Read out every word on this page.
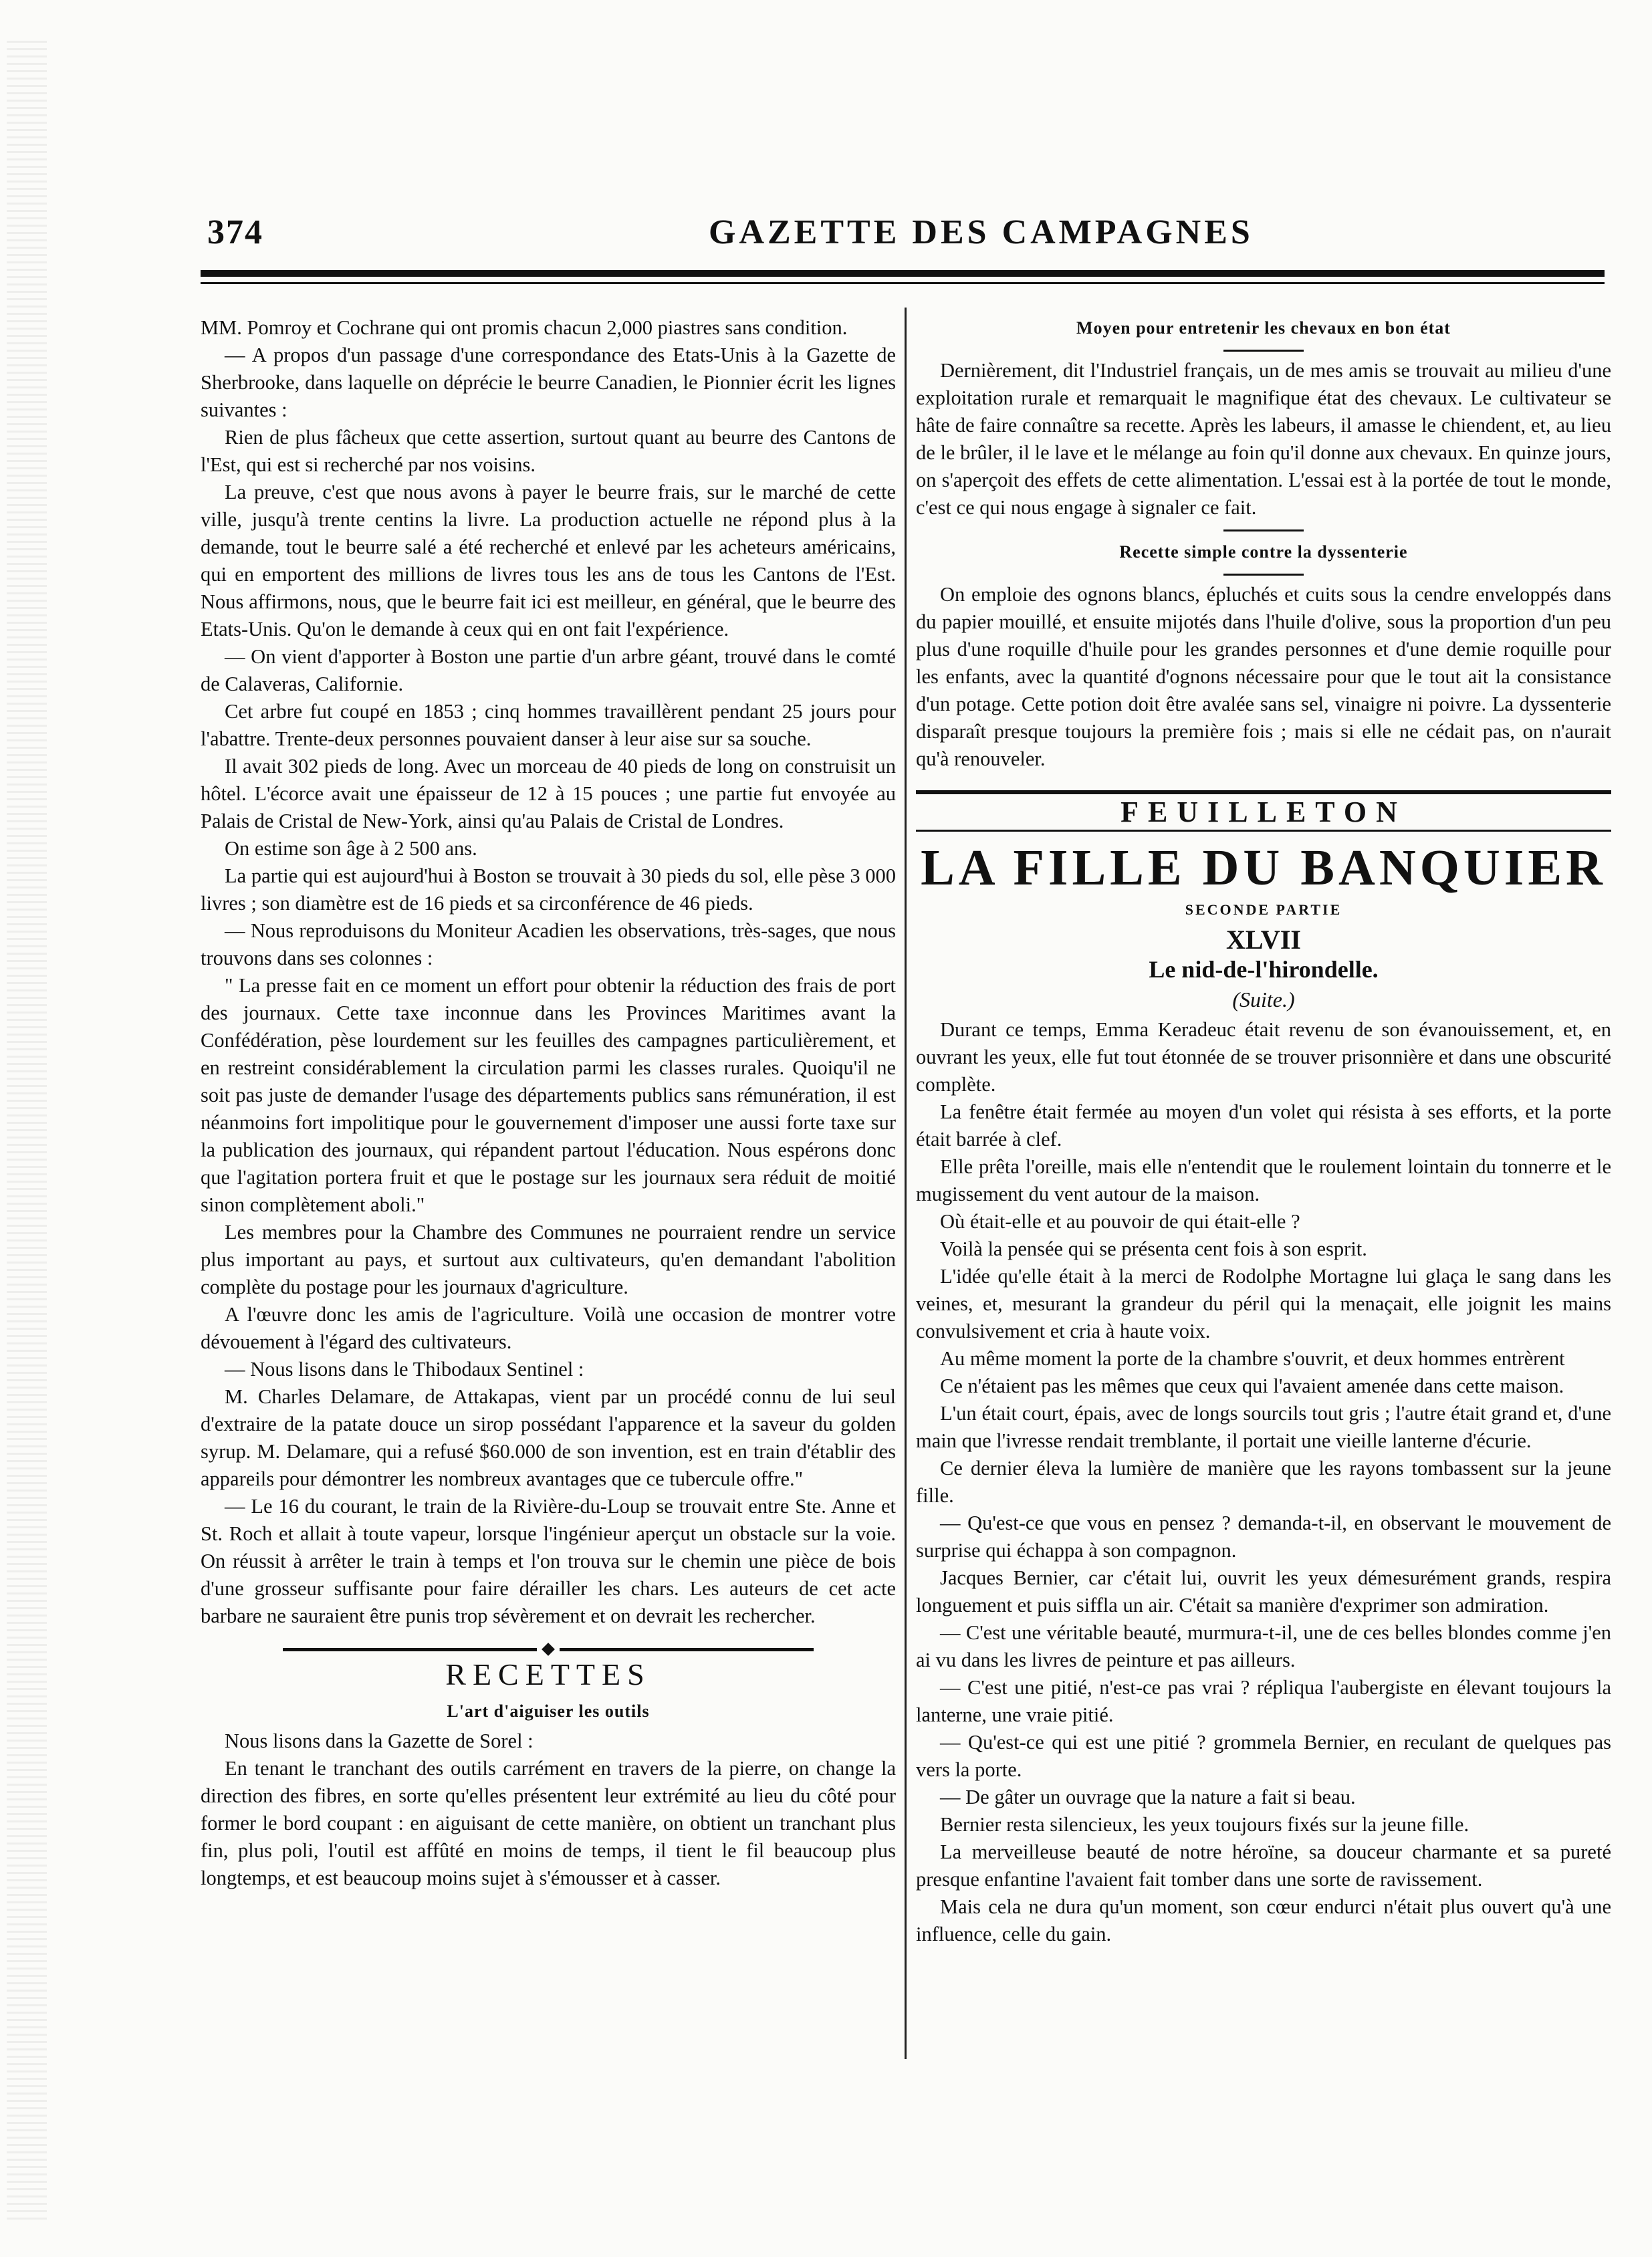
374	GAZETTE DES CAMPAGNES

MM. Pomroy et Cochrane qui ont promis chacun 2,000 piastres sans condition.

— A propos d'un passage d'une correspondance des Etats-Unis à la Gazette de Sherbrooke, dans laquelle on déprécie le beurre Canadien, le Pionnier écrit les lignes suivantes :

Rien de plus fâcheux que cette assertion, surtout quant au beurre des Cantons de l'Est, qui est si recherché par nos voisins.

La preuve, c'est que nous avons à payer le beurre frais, sur le marché de cette ville, jusqu'à trente centins la livre. La production actuelle ne répond plus à la demande, tout le beurre salé a été recherché et enlevé par les acheteurs américains, qui en emportent des millions de livres tous les ans de tous les Cantons de l'Est. Nous affirmons, nous, que le beurre fait ici est meilleur, en général, que le beurre des Etats-Unis. Qu'on le demande à ceux qui en ont fait l'expérience.

— On vient d'apporter à Boston une partie d'un arbre géant, trouvé dans le comté de Calaveras, Californie.

Cet arbre fut coupé en 1853 ; cinq hommes travaillèrent pendant 25 jours pour l'abattre. Trente-deux personnes pouvaient danser à leur aise sur sa souche.

Il avait 302 pieds de long. Avec un morceau de 40 pieds de long on construisit un hôtel. L'écorce avait une épaisseur de 12 à 15 pouces ; une partie fut envoyée au Palais de Cristal de New-York, ainsi qu'au Palais de Cristal de Londres.

On estime son âge à 2 500 ans.

La partie qui est aujourd'hui à Boston se trouvait à 30 pieds du sol, elle pèse 3 000 livres ; son diamètre est de 16 pieds et sa circonférence de 46 pieds.

— Nous reproduisons du Moniteur Acadien les observations, très-sages, que nous trouvons dans ses colonnes :

" La presse fait en ce moment un effort pour obtenir la réduction des frais de port des journaux. Cette taxe inconnue dans les Provinces Maritimes avant la Confédération, pèse lourdement sur les feuilles des campagnes particulièrement, et en restreint considérablement la circulation parmi les classes rurales. Quoiqu'il ne soit pas juste de demander l'usage des départements publics sans rémunération, il est néanmoins fort impolitique pour le gouvernement d'imposer une aussi forte taxe sur la publication des journaux, qui répandent partout l'éducation. Nous espérons donc que l'agitation portera fruit et que le postage sur les journaux sera réduit de moitié sinon complètement aboli."

Les membres pour la Chambre des Communes ne pourraient rendre un service plus important au pays, et surtout aux cultivateurs, qu'en demandant l'abolition complète du postage pour les journaux d'agriculture.

A l'œuvre donc les amis de l'agriculture. Voilà une occasion de montrer votre dévouement à l'égard des cultivateurs.

— Nous lisons dans le Thibodaux Sentinel :

M. Charles Delamare, de Attakapas, vient par un procédé connu de lui seul d'extraire de la patate douce un sirop possédant l'apparence et la saveur du golden syrup. M. Delamare, qui a refusé $60.000 de son invention, est en train d'établir des appareils pour démontrer les nombreux avantages que ce tubercule offre."

— Le 16 du courant, le train de la Rivière-du-Loup se trouvait entre Ste. Anne et St. Roch et allait à toute vapeur, lorsque l'ingénieur aperçut un obstacle sur la voie. On réussit à arrêter le train à temps et l'on trouva sur le chemin une pièce de bois d'une grosseur suffisante pour faire dérailler les chars. Les auteurs de cet acte barbare ne sauraient être punis trop sévèrement et on devrait les rechercher.

RECETTES
L'art d'aiguiser les outils

Nous lisons dans la Gazette de Sorel :

En tenant le tranchant des outils carrément en travers de la pierre, on change la direction des fibres, en sorte qu'elles présentent leur extrémité au lieu du côté pour former le bord coupant : en aiguisant de cette manière, on obtient un tranchant plus fin, plus poli, l'outil est affûté en moins de temps, il tient le fil beaucoup plus longtemps, et est beaucoup moins sujet à s'émousser et à casser.

Moyen pour entretenir les chevaux en bon état

Dernièrement, dit l'Industriel français, un de mes amis se trouvait au milieu d'une exploitation rurale et remarquait le magnifique état des chevaux. Le cultivateur se hâte de faire connaître sa recette. Après les labeurs, il amasse le chiendent, et, au lieu de le brûler, il le lave et le mélange au foin qu'il donne aux chevaux. En quinze jours, on s'aperçoit des effets de cette alimentation. L'essai est à la portée de tout le monde, c'est ce qui nous engage à signaler ce fait.

Recette simple contre la dyssenterie

On emploie des ognons blancs, épluchés et cuits sous la cendre enveloppés dans du papier mouillé, et ensuite mijotés dans l'huile d'olive, sous la proportion d'un peu plus d'une roquille d'huile pour les grandes personnes et d'une demie roquille pour les enfants, avec la quantité d'ognons nécessaire pour que le tout ait la consistance d'un potage. Cette potion doit être avalée sans sel, vinaigre ni poivre. La dyssenterie disparaît presque toujours la première fois ; mais si elle ne cédait pas, on n'aurait qu'à renouveler.

FEUILLETON
LA FILLE DU BANQUIER
SECONDE PARTIE
XLVII
Le nid-de-l'hirondelle.
(Suite.)

Durant ce temps, Emma Keradeuc était revenu de son évanouissement, et, en ouvrant les yeux, elle fut tout étonnée de se trouver prisonnière et dans une obscurité complète.

La fenêtre était fermée au moyen d'un volet qui résista à ses efforts, et la porte était barrée à clef.

Elle prêta l'oreille, mais elle n'entendit que le roulement lointain du tonnerre et le mugissement du vent autour de la maison.

Où était-elle et au pouvoir de qui était-elle ?

Voilà la pensée qui se présenta cent fois à son esprit.

L'idée qu'elle était à la merci de Rodolphe Mortagne lui glaça le sang dans les veines, et, mesurant la grandeur du péril qui la menaçait, elle joignit les mains convulsivement et cria à haute voix.

Au même moment la porte de la chambre s'ouvrit, et deux hommes entrèrent

Ce n'étaient pas les mêmes que ceux qui l'avaient amenée dans cette maison.

L'un était court, épais, avec de longs sourcils tout gris ; l'autre était grand et, d'une main que l'ivresse rendait tremblante, il portait une vieille lanterne d'écurie.

Ce dernier éleva la lumière de manière que les rayons tombassent sur la jeune fille.

— Qu'est-ce que vous en pensez ? demanda-t-il, en observant le mouvement de surprise qui échappa à son compagnon.

Jacques Bernier, car c'était lui, ouvrit les yeux démesurément grands, respira longuement et puis siffla un air. C'était sa manière d'exprimer son admiration.

— C'est une véritable beauté, murmura-t-il, une de ces belles blondes comme j'en ai vu dans les livres de peinture et pas ailleurs.

— C'est une pitié, n'est-ce pas vrai ? répliqua l'aubergiste en élevant toujours la lanterne, une vraie pitié.

— Qu'est-ce qui est une pitié ? grommela Bernier, en reculant de quelques pas vers la porte.

— De gâter un ouvrage que la nature a fait si beau.

Bernier resta silencieux, les yeux toujours fixés sur la jeune fille.

La merveilleuse beauté de notre héroïne, sa douceur charmante et sa pureté presque enfantine l'avaient fait tomber dans une sorte de ravissement.

Mais cela ne dura qu'un moment, son cœur endurci n'était plus ouvert qu'à une influence, celle du gain.
